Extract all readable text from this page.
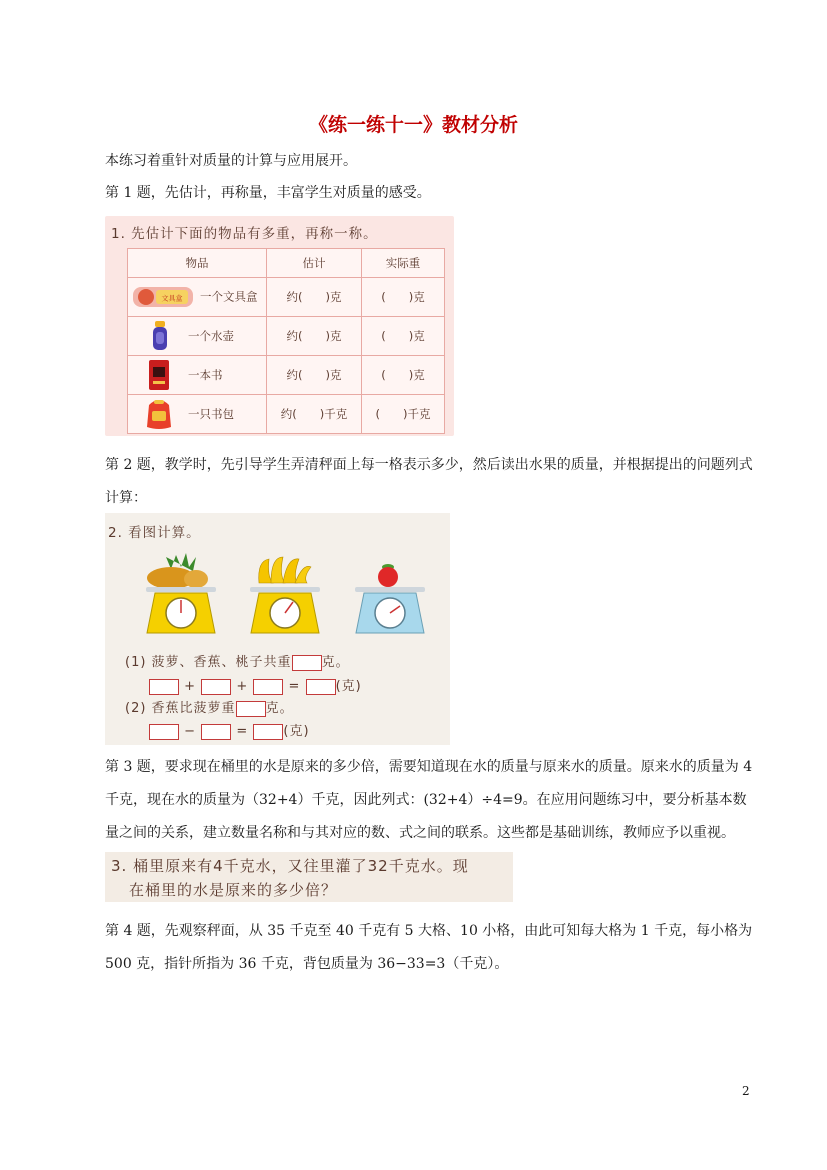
《练一练十一》教材分析

本练习着重针对质量的计算与应用展开。

第 1 题，先估计，再称量，丰富学生对质量的感受。

1. 先估计下面的物品有多重，再称一称。
物品	估计	实际重

文具盒 一个文具盒	约(　　)克	(　　)克
一个水壶	约(　　)克	(　　)克
一本书	约(　　)克	(　　)克
一只书包	约(　　)千克	(　　)千克

第 2 题，教学时，先引导学生弄清秤面上每一格表示多少，然后读出水果的质量，并根据提出的问题列式计算：

2. 看图计算。
(1) 菠萝、香蕉、桃子共重 克。
+	+	=	(克)
(2) 香蕉比菠萝重 克。
−	=	(克)

第 3 题，要求现在桶里的水是原来的多少倍，需要知道现在水的质量与原来水的质量。原来水的质量为 4 千克，现在水的质量为（32+4）千克，因此列式：(32+4）÷4=9。在应用问题练习中，要分析基本数量之间的关系，建立数量名称和与其对应的数、式之间的联系。这些都是基础训练，教师应予以重视。

3. 桶里原来有4千克水，又往里灌了32千克水。现
在桶里的水是原来的多少倍？

第 4 题，先观察秤面，从 35 千克至 40 千克有 5 大格、10 小格，由此可知每大格为 1 千克，每小格为 500 克，指针所指为 36 千克，背包质量为 36−33=3（千克）。

2
